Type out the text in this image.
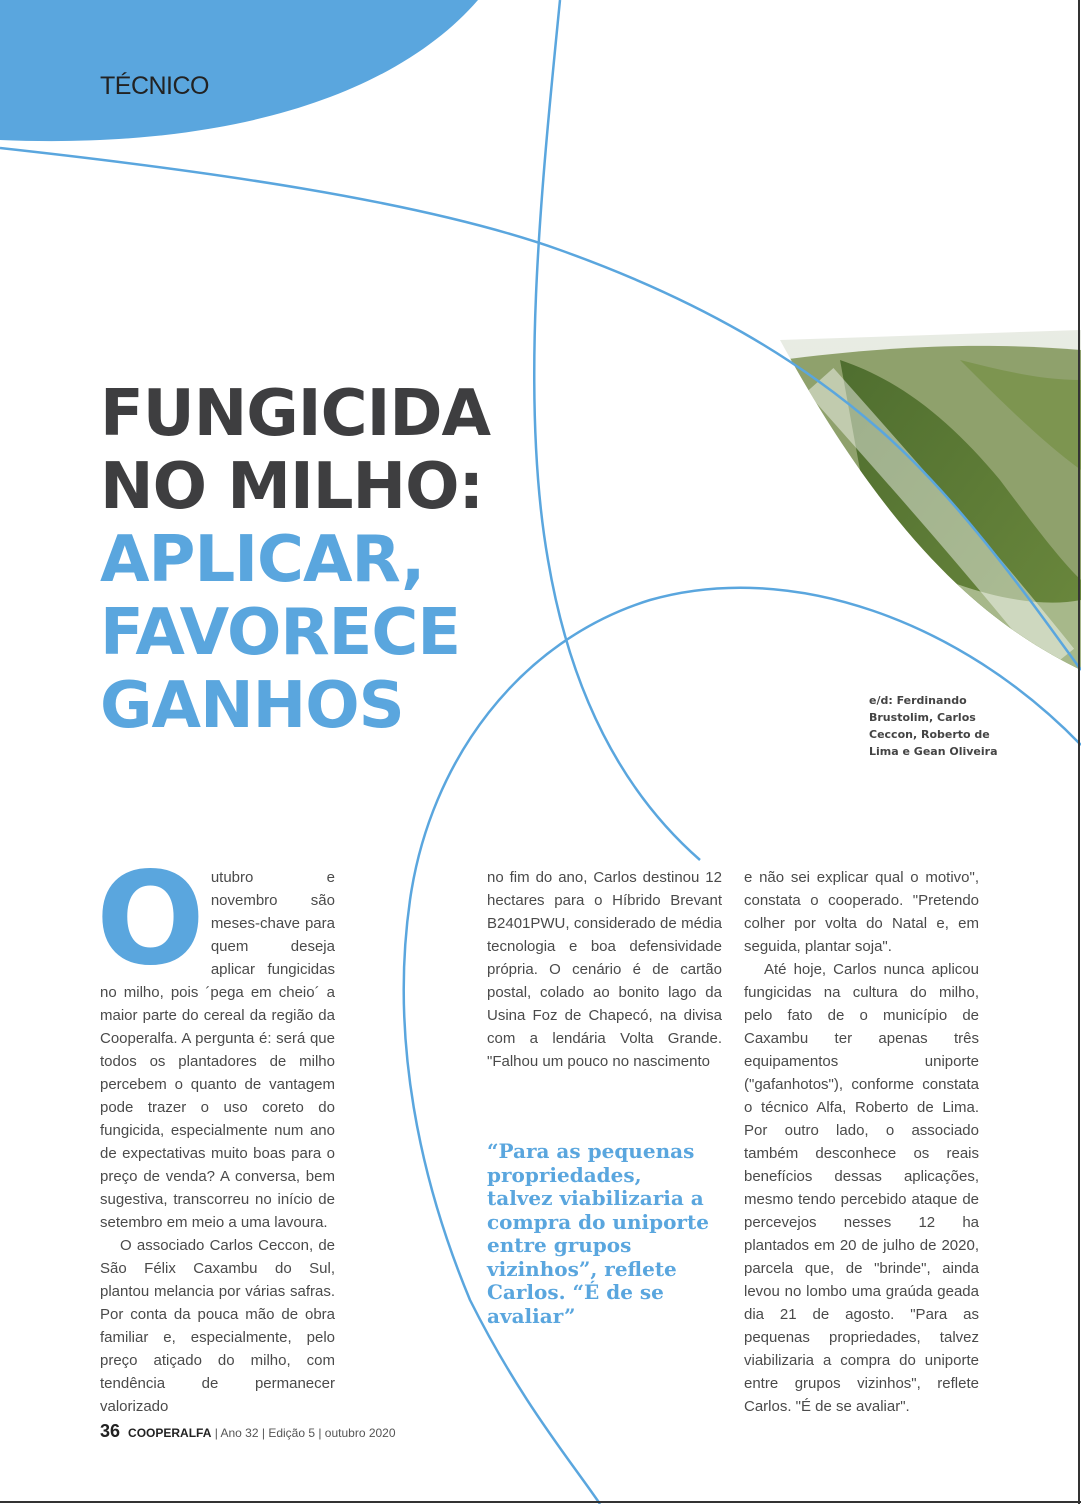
TÉCNICO
FUNGICIDA
NO MILHO:
APLICAR,
FAVORECE
GANHOS	e/d: Ferdinando Brustolim, Carlos Ceccon, Roberto de Lima e Gean Oliveira

Outubro e novembro são meses-chave para quem deseja aplicar fungicidas no milho, pois ´pega em cheio´ a maior parte do cereal da região da Cooperalfa. A pergunta é: será que todos os plantadores de milho percebem o quanto de vantagem pode trazer o uso coreto do fungicida, especialmente num ano de expectativas muito boas para o preço de venda? A conversa, bem sugestiva, transcorreu no início de setembro em meio a uma lavoura.

O associado Carlos Ceccon, de São Félix Caxambu do Sul, plantou melancia por várias safras. Por conta da pouca mão de obra familiar e, especialmente, pelo preço atiçado do milho, com tendência de permanecer valorizado

no fim do ano, Carlos destinou 12 hectares para o Híbrido Brevant B2401PWU, considerado de média tecnologia e boa defensividade própria. O cenário é de cartão postal, colado ao bonito lago da Usina Foz de Chapecó, na divisa com a lendária Volta Grande. "Falhou um pouco no nascimento

“Para as pequenas propriedades, talvez viabilizaria a compra do uniporte entre grupos vizinhos”, reflete Carlos. “É de se avaliar”

e não sei explicar qual o motivo", constata o cooperado. "Pretendo colher por volta do Natal e, em seguida, plantar soja".

Até hoje, Carlos nunca aplicou fungicidas na cultura do milho, pelo fato de o município de Caxambu ter apenas três equipamentos uniporte ("gafanhotos"), conforme constata o técnico Alfa, Roberto de Lima. Por outro lado, o associado também desconhece os reais benefícios dessas aplicações, mesmo tendo percebido ataque de percevejos nesses 12 ha plantados em 20 de julho de 2020, parcela que, de "brinde", ainda levou no lombo uma graúda geada dia 21 de agosto. "Para as pequenas propriedades, talvez viabilizaria a compra do uniporte entre grupos vizinhos", reflete Carlos. "É de se avaliar".

36 COOPERALFA | Ano 32 | Edição 5 | outubro 2020
